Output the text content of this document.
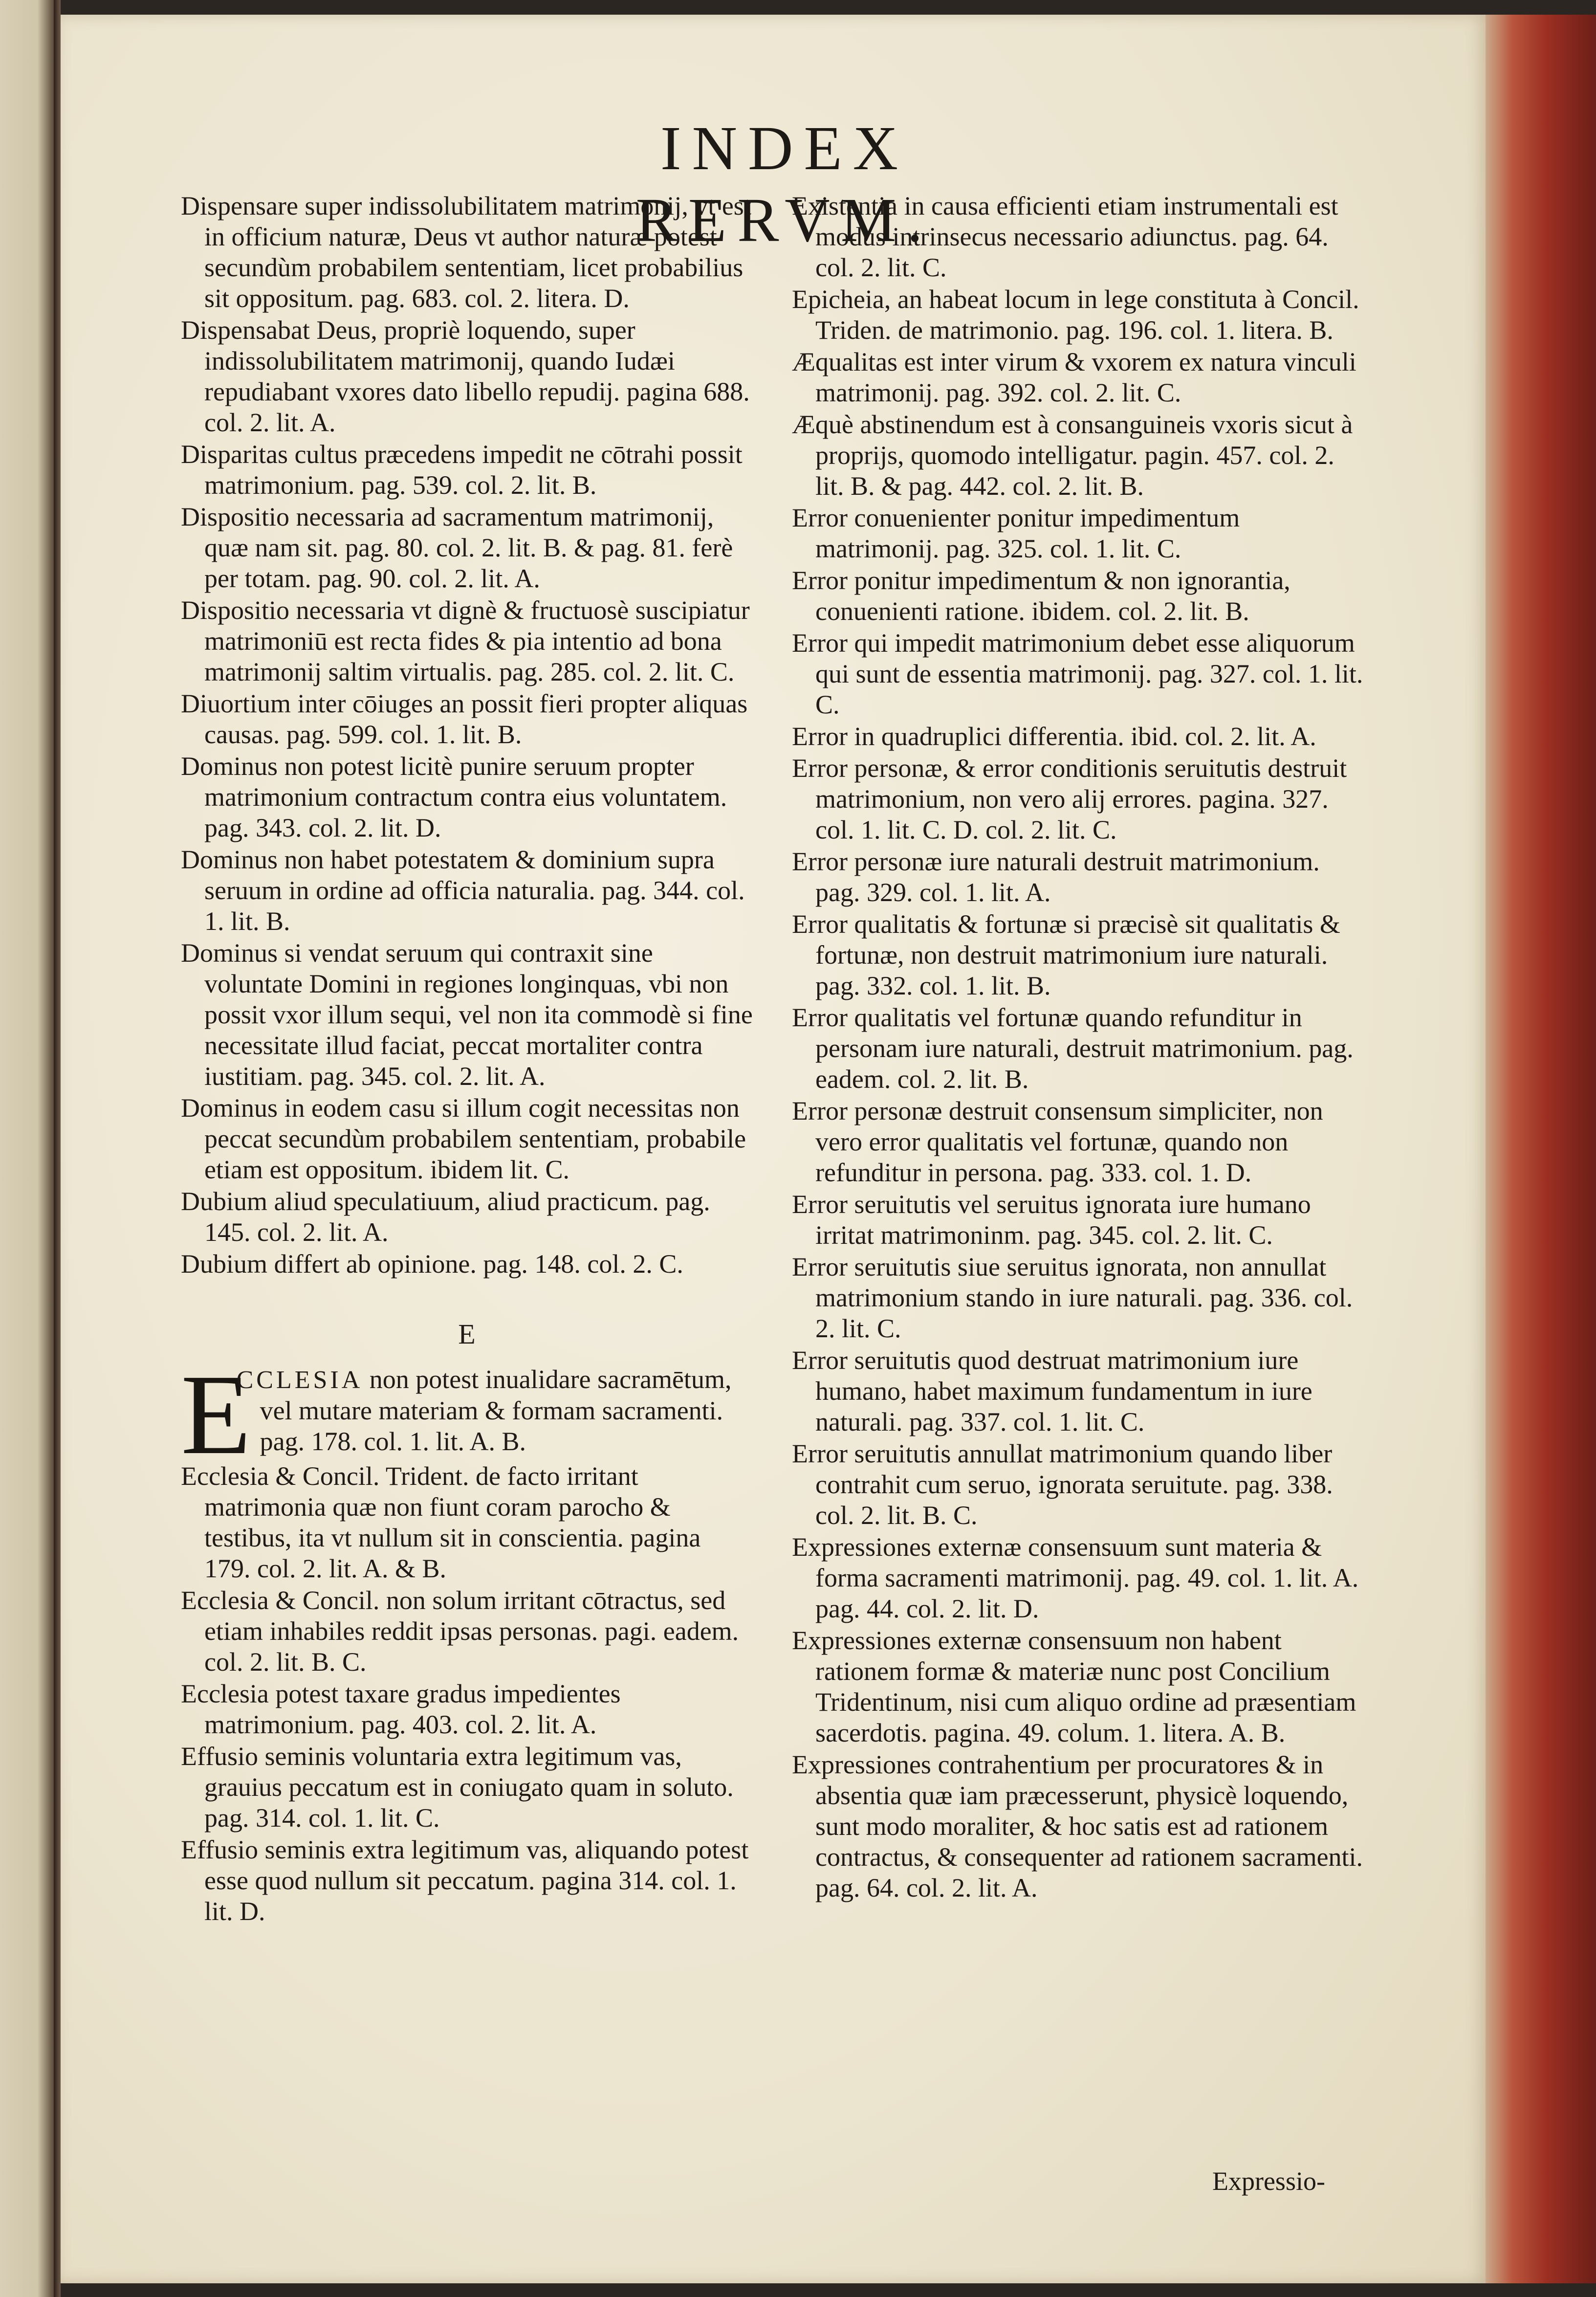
INDEX RERVM.
Dispensare super indissolubilitatem matrimonij, vt est in officium naturæ, Deus vt author naturæ potest secundùm probabilem sententiam, licet probabilius sit oppositum. pag. 683. col. 2. litera. D.
Dispensabat Deus, propriè loquendo, super indissolubilitatem matrimonij, quando Iudæi repudiabant vxores dato libello repudij. pagina 688. col. 2. lit. A.
Disparitas cultus præcedens impedit ne cōtrahi possit matrimonium. pag. 539. col. 2. lit. B.
Dispositio necessaria ad sacramentum matrimonij, quæ nam sit. pag. 80. col. 2. lit. B. & pag. 81. ferè per totam. pag. 90. col. 2. lit. A.
Dispositio necessaria vt dignè & fructuosè suscipiatur matrimoniū est recta fides & pia intentio ad bona matrimonij saltim virtualis. pag. 285. col. 2. lit. C.
Diuortium inter cōiuges an possit fieri propter aliquas causas. pag. 599. col. 1. lit. B.
Dominus non potest licitè punire seruum propter matrimonium contractum contra eius voluntatem. pag. 343. col. 2. lit. D.
Dominus non habet potestatem & dominium supra seruum in ordine ad officia naturalia. pag. 344. col. 1. lit. B.
Dominus si vendat seruum qui contraxit sine voluntate Domini in regiones longinquas, vbi non possit vxor illum sequi, vel non ita commodè si fine necessitate illud faciat, peccat mortaliter contra iustitiam. pag. 345. col. 2. lit. A.
Dominus in eodem casu si illum cogit necessitas non peccat secundùm probabilem sententiam, probabile etiam est oppositum. ibidem lit. C.
Dubium aliud speculatiuum, aliud practicum. pag. 145. col. 2. lit. A.
Dubium differt ab opinione. pag. 148. col. 2. C.
E
E
CCLESIA non potest inualidare sacramētum, vel mutare materiam & formam sacramenti. pag. 178. col. 1. lit. A. B.
Ecclesia & Concil. Trident. de facto irritant matrimonia quæ non fiunt coram parocho & testibus, ita vt nullum sit in conscientia. pagina 179. col. 2. lit. A. & B.
Ecclesia & Concil. non solum irritant cōtractus, sed etiam inhabiles reddit ipsas personas. pagi. eadem. col. 2. lit. B. C.
Ecclesia potest taxare gradus impedientes matrimonium. pag. 403. col. 2. lit. A.
Effusio seminis voluntaria extra legitimum vas, grauius peccatum est in coniugato quam in soluto. pag. 314. col. 1. lit. C.
Effusio seminis extra legitimum vas, aliquando potest esse quod nullum sit peccatum. pagina 314. col. 1. lit. D.
Existentia in causa efficienti etiam instrumentali est modus intrinsecus necessario adiunctus. pag. 64. col. 2. lit. C.
Epicheia, an habeat locum in lege constituta à Concil. Triden. de matrimonio. pag. 196. col. 1. litera. B.
Æqualitas est inter virum & vxorem ex natura vinculi matrimonij. pag. 392. col. 2. lit. C.
Æquè abstinendum est à consanguineis vxoris sicut à proprijs, quomodo intelligatur. pagin. 457. col. 2. lit. B. & pag. 442. col. 2. lit. B.
Error conuenienter ponitur impedimentum matrimonij. pag. 325. col. 1. lit. C.
Error ponitur impedimentum & non ignorantia, conuenienti ratione. ibidem. col. 2. lit. B.
Error qui impedit matrimonium debet esse aliquorum qui sunt de essentia matrimonij. pag. 327. col. 1. lit. C.
Error in quadruplici differentia. ibid. col. 2. lit. A.
Error personæ, & error conditionis seruitutis destruit matrimonium, non vero alij errores. pagina. 327. col. 1. lit. C. D. col. 2. lit. C.
Error personæ iure naturali destruit matrimonium. pag. 329. col. 1. lit. A.
Error qualitatis & fortunæ si præcisè sit qualitatis & fortunæ, non destruit matrimonium iure naturali. pag. 332. col. 1. lit. B.
Error qualitatis vel fortunæ quando refunditur in personam iure naturali, destruit matrimonium. pag. eadem. col. 2. lit. B.
Error personæ destruit consensum simpliciter, non vero error qualitatis vel fortunæ, quando non refunditur in persona. pag. 333. col. 1. D.
Error seruitutis vel seruitus ignorata iure humano irritat matrimoninm. pag. 345. col. 2. lit. C.
Error seruitutis siue seruitus ignorata, non annullat matrimonium stando in iure naturali. pag. 336. col. 2. lit. C.
Error seruitutis quod destruat matrimonium iure humano, habet maximum fundamentum in iure naturali. pag. 337. col. 1. lit. C.
Error seruitutis annullat matrimonium quando liber contrahit cum seruo, ignorata seruitute. pag. 338. col. 2. lit. B. C.
Expressiones externæ consensuum sunt materia & forma sacramenti matrimonij. pag. 49. col. 1. lit. A. pag. 44. col. 2. lit. D.
Expressiones externæ consensuum non habent rationem formæ & materiæ nunc post Concilium Tridentinum, nisi cum aliquo ordine ad præsentiam sacerdotis. pagina. 49. colum. 1. litera. A. B.
Expressiones contrahentium per procuratores & in absentia quæ iam præcesserunt, physicè loquendo, sunt modo moraliter, & hoc satis est ad rationem contractus, & consequenter ad rationem sacramenti. pag. 64. col. 2. lit. A.
Expressio-
